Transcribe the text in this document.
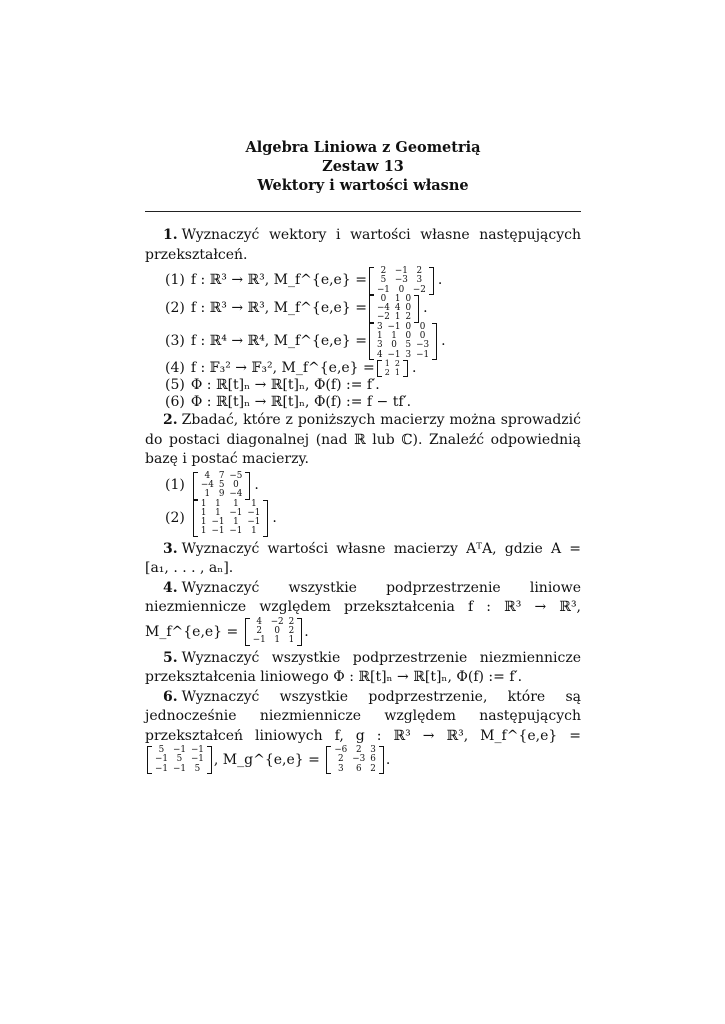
Algebra Liniowa z Geometrią
Zestaw 13
Wektory i wartości własne

1. Wyznaczyć wektory i wartości własne następujących przekształceń.

(1) f : ℝ³ → ℝ³, M_f^{e,e} =
2 −1 2
5 −3 3
−1 0 −2
.
(2) f : ℝ³ → ℝ³, M_f^{e,e} =
0 1 0
−4 4 0
−2 1 2
.
(3) f : ℝ⁴ → ℝ⁴, M_f^{e,e} =
3 −1 0 0
1 1 0 0
3 0 5 −3
4 −1 3 −1
.
(4) f : 𝔽₃² → 𝔽₃², M_f^{e,e} = 1 2
2 1 .
(5) Φ : ℝ[t]ₙ → ℝ[t]ₙ, Φ(f) := f′.
(6) Φ : ℝ[t]ₙ → ℝ[t]ₙ, Φ(f) := f − tf′.

2. Zbadać, które z poniższych macierzy można sprowadzić do postaci diagonalnej (nad ℝ lub ℂ). Znaleźć odpowiednią bazę i postać macierzy.

(1)
4 7 −5
−4 5 0
1 9 −4
.
(2)
1 1	1	1
1 1 −1 −1
1 −1 1 −1
1 −1 −1 1
.

3. Wyznaczyć wartości własne macierzy AᵀA, gdzie A = [a₁, . . . , aₙ].

4. Wyznaczyć wszystkie podprzestrzenie liniowe niezmiennicze względem przekształcenia f : ℝ³ → ℝ³, M_f^{e,e} =
4 −2 2
2	0 2
−1 1 1
.

5. Wyznaczyć wszystkie podprzestrzenie niezmiennicze przekształcenia liniowego Φ : ℝ[t]ₙ → ℝ[t]ₙ, Φ(f) := f′.

6. Wyznaczyć wszystkie podprzestrzenie, które są jednocześnie niezmiennicze względem następujących przekształceń liniowych f, g : ℝ³ → ℝ³, M_f^{e,e} =
5 −1 −1
−1 5 −1
−1 −1 5
, M_g^{e,e} =
−6 2 3
2 −3 6
3	6 2
.
